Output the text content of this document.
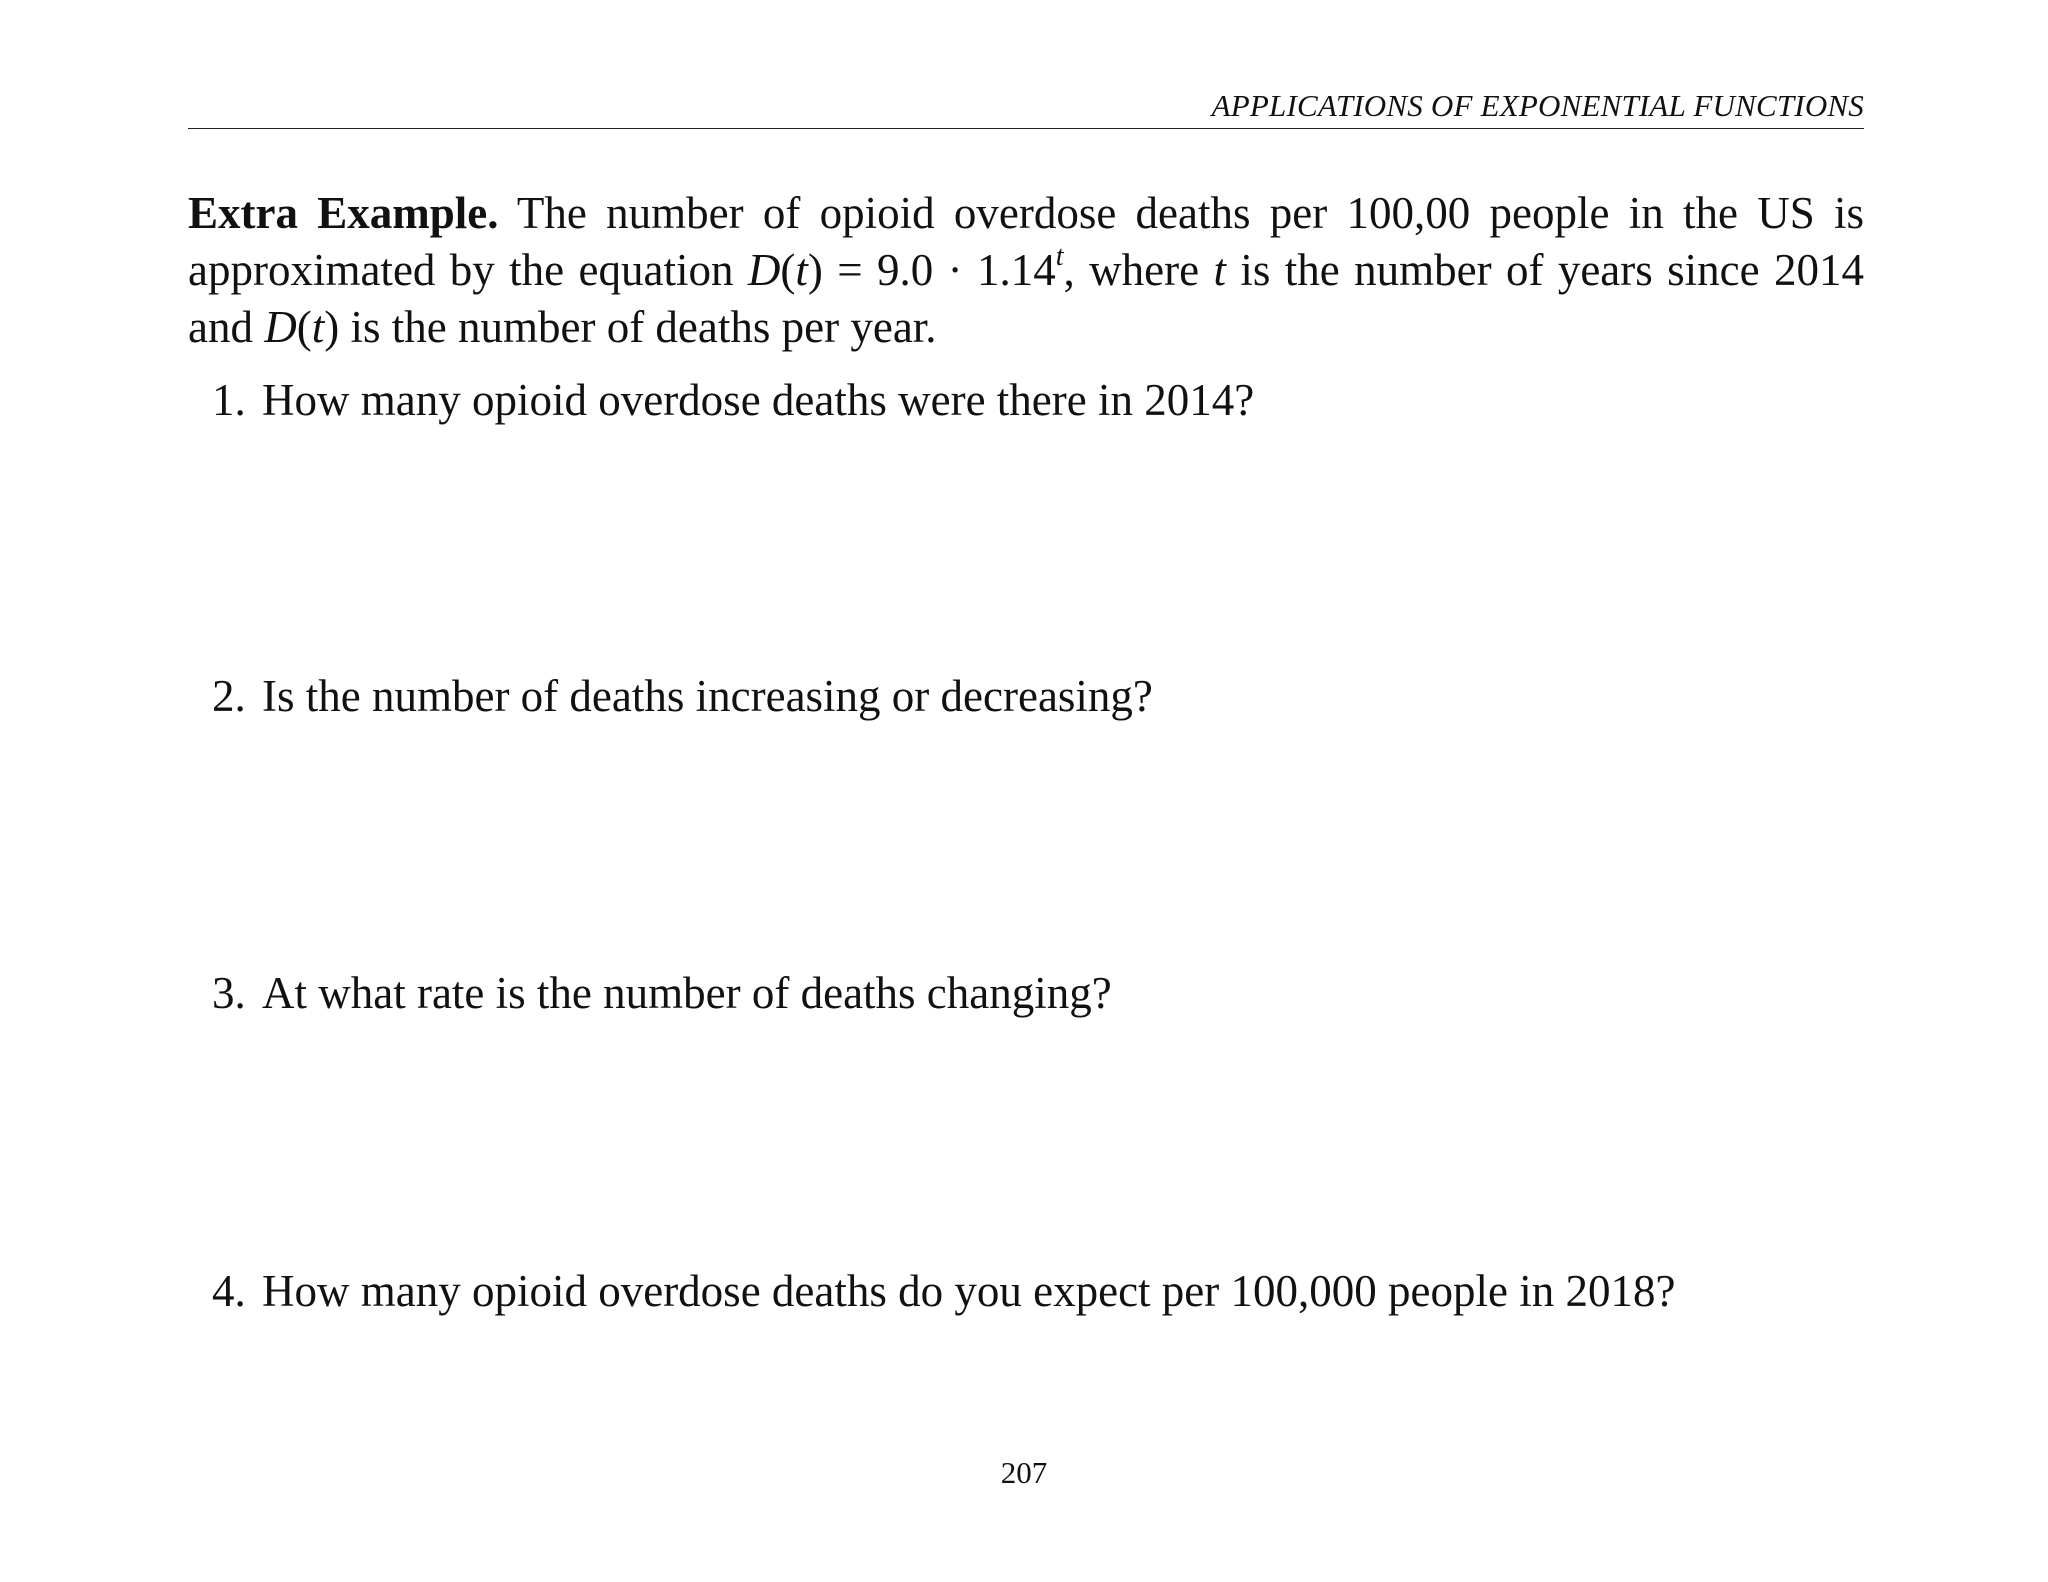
APPLICATIONS OF EXPONENTIAL FUNCTIONS
Extra Example. The number of opioid overdose deaths per 100,00 people in the US is approximated by the equation $D(t) = 9.0 \cdot 1.14^t$, where t is the number of years since 2014 and D(t) is the number of deaths per year.
1. How many opioid overdose deaths were there in 2014?
2. Is the number of deaths increasing or decreasing?
3. At what rate is the number of deaths changing?
4. How many opioid overdose deaths do you expect per 100,000 people in 2018?
207
